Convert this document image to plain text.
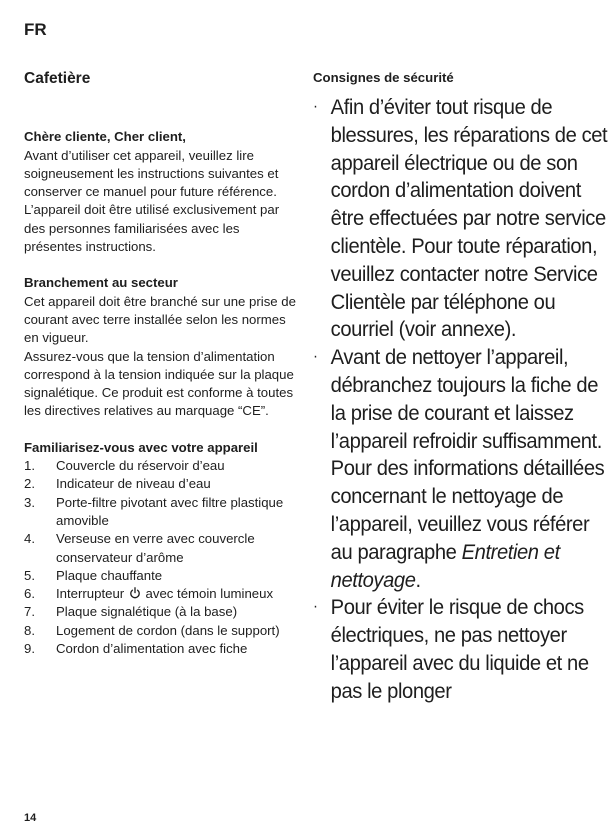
FR
Cafetière
Chère cliente, Cher client,

Avant d’utiliser cet appareil, veuillez lire soigneusement les instructions suivantes et conserver ce manuel pour future référence. L’appareil doit être utilisé exclusivement par des personnes familiarisées avec les présentes instructions.

Branchement au secteur

Cet appareil doit être branché sur une prise de courant avec terre installée selon les normes en vigueur.

Assurez-vous que la tension d’alimentation correspond à la tension indiquée sur la plaque signalétique. Ce produit est conforme à toutes les directives relatives au marquage “CE”.

Familiarisez-vous avec votre appareil
1. Couvercle du réservoir d’eau
2. Indicateur de niveau d’eau
3. Porte-filtre pivotant avec filtre plastique amovible
4. Verseuse en verre avec couvercle conservateur d’arôme
5. Plaque chauffante
6. Interrupteur avec témoin lumineux
7. Plaque signalétique (à la base)
8. Logement de cordon (dans le support)
9. Cordon d’alimentation avec fiche
Consignes de sécurité
· Afin d’éviter tout risque de blessures, les réparations de cet appareil électrique ou de son cordon d’alimentation doivent être effectuées par notre service clientèle. Pour toute réparation, veuillez contacter notre Service Clientèle par téléphone ou courriel (voir annexe).
· Avant de nettoyer l’appareil, débranchez toujours la fiche de la prise de courant et laissez l’appareil refroidir suffisamment. Pour des informations détaillées concernant le nettoyage de l’appareil, veuillez vous référer au paragraphe Entretien et nettoyage.
· Pour éviter le risque de chocs électriques, ne pas nettoyer l’appareil avec du liquide et ne pas le plonger
14
